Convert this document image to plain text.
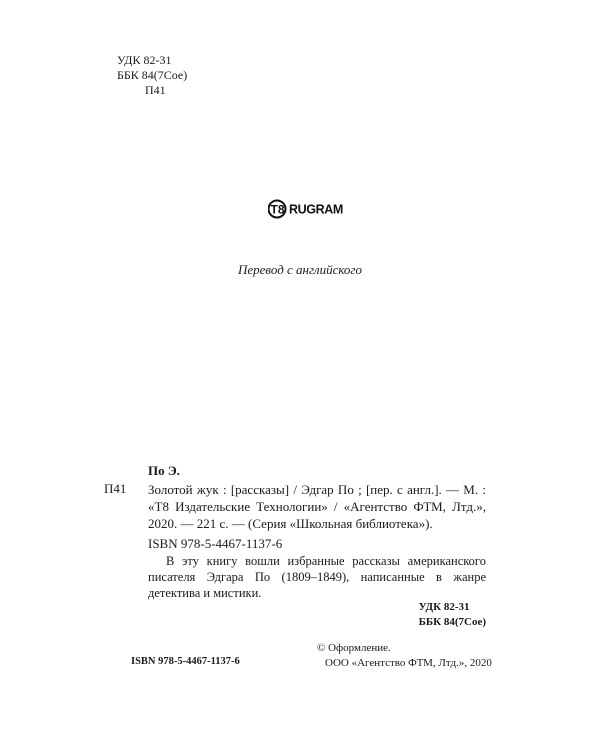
УДК 82-31
ББК 84(7Сое)
П41
T8 RUGRAM
Перевод с английского
По Э.
П41 Золотой жук : [рассказы] / Эдгар По ; [пер. с англ.]. — М. : «Т8 Издательские Технологии» / «Агентство ФТМ, Лтд.», 2020. — 221 с. — (Серия «Школьная библиотека»).
ISBN 978-5-4467-1137-6
В эту книгу вошли избранные рассказы американского писателя Эдгара По (1809–1849), написанные в жанре детектива и мистики.
УДК 82-31
ББК 84(7Сое)
© Оформление.
ООО «Агентство ФТМ, Лтд.», 2020
ISBN 978-5-4467-1137-6
